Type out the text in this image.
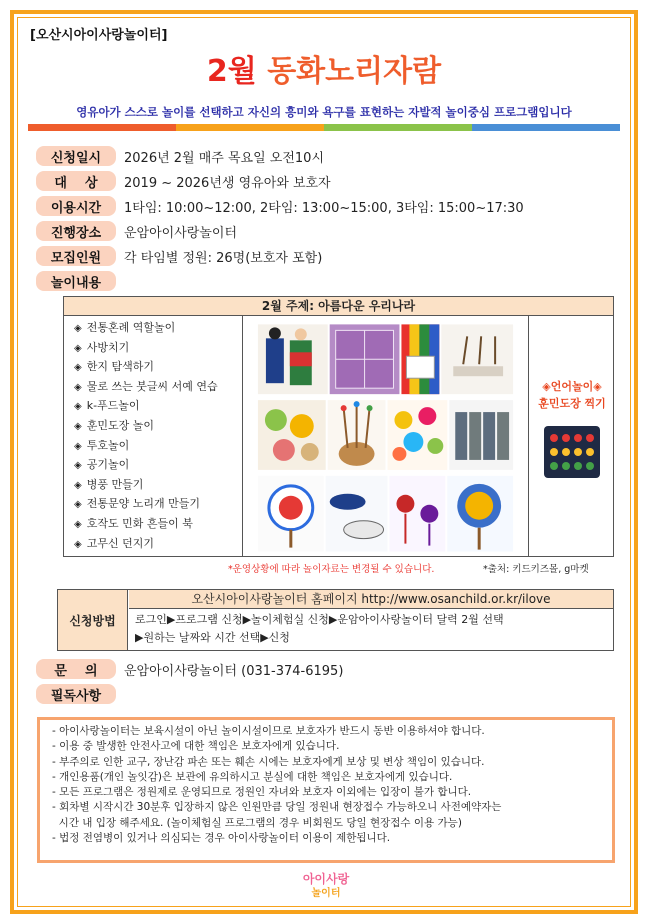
[오산시아이사랑놀이터]
2월 동화노리자람
영유아가 스스로 놀이를 선택하고 자신의 흥미와 욕구를 표현하는 자발적 놀이중심 프로그램입니다
신청일시	2026년 2월 매주 목요일 오전10시
대    상	2019 ~ 2026년생 영유아와 보호자
이용시간	1타임: 10:00~12:00, 2타임: 13:00~15:00, 3타임: 15:00~17:30
진행장소	운암아이사랑놀이터
모집인원	각 타임별 정원: 26명(보호자 포함)
놀이내용
2월 주제: 아름다운 우리나라
◈ 전통혼례 역할놀이
◈ 사방치기
◈ 한지 탐색하기
◈ 물로 쓰는 붓글씨 서예 연습
◈ k-푸드놀이
◈ 훈민도장 놀이
◈ 투호놀이
◈ 공기놀이
◈ 병풍 만들기
◈ 전통문양 노리개 만들기
◈ 호작도 민화 흔들이 북
◈ 고무신 던지기
◈언어놀이◈
훈민도장 찍기
*운영상황에 따라 놀이자료는 변경될 수 있습니다.	*출처: 키드키즈몰, g마켓
신청방법
오산시아이사랑놀이터 홈페이지 http://www.osanchild.or.kr/ilove
로그인▶프로그램 신청▶놀이체험실 신청▶운암아이사랑놀이터 달력 2월 선택
▶원하는 날짜와 시간 선택▶신청
문    의	운암아이사랑놀이터 (031-374-6195)
필독사항
- 아이사랑놀이터는 보육시설이 아닌 놀이시설이므로 보호자가 반드시 동반 이용하셔야 합니다.
- 이용 중 발생한 안전사고에 대한 책임은 보호자에게 있습니다.
- 부주의로 인한 교구, 장난감 파손 또는 훼손 시에는 보호자에게 보상 및 변상 책임이 있습니다.
- 개인용품(개인 놀잇감)은 보관에 유의하시고 분실에 대한 책임은 보호자에게 있습니다.
- 모든 프로그램은 정원제로 운영되므로 정원인 자녀와 보호자 이외에는 입장이 불가 합니다.
- 회차별 시작시간 30분후 입장하지 않은 인원만큼 당일 정원내 현장접수 가능하오니 사전예약자는
시간 내 입장 해주세요. (놀이체험실 프로그램의 경우 비회원도 당일 현장접수 이용 가능)
- 법정 전염병이 있거나 의심되는 경우 아이사랑놀이터 이용이 제한됩니다.
아이사랑
놀이터
